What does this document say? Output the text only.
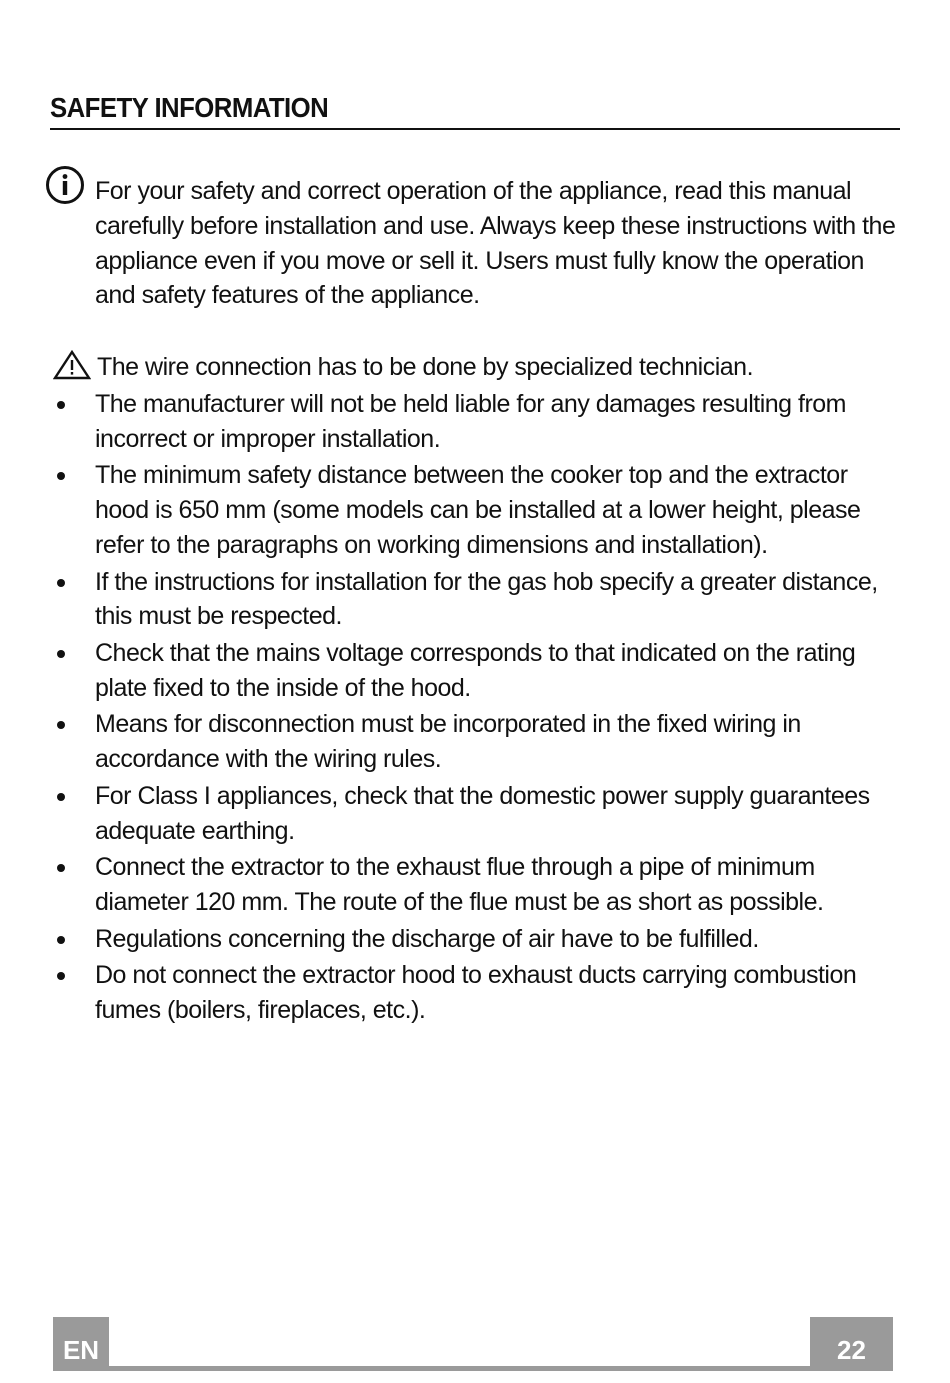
SAFETY INFORMATION
For your safety and correct operation of the appliance, read this manual carefully before installation and use. Always keep these instructions with the appliance even if you move or sell it. Users must fully know the operation and safety features of the appliance.
The wire connection has to be done by specialized technician.
The manufacturer will not be held liable for any damages resulting from incorrect or improper installation.
The minimum safety distance between the cooker top and the extractor hood is 650 mm (some models can be installed at a lower height, please refer to the paragraphs on working dimensions and installation).
If the instructions for installation for the gas hob specify a greater distance, this must be respected.
Check that the mains voltage corresponds to that indicated on the rating plate fixed to the inside of the hood.
Means for disconnection must be incorporated in the fixed wiring in accordance with the wiring rules.
For Class I appliances, check that the domestic power supply guarantees adequate earthing.
Connect the extractor to the exhaust flue through a pipe of minimum diameter 120 mm. The route of the flue must be as short as possible.
Regulations concerning the discharge of air have to be fulfilled.
Do not connect the extractor hood to exhaust ducts carrying combustion fumes (boilers, fireplaces, etc.).
EN	22
